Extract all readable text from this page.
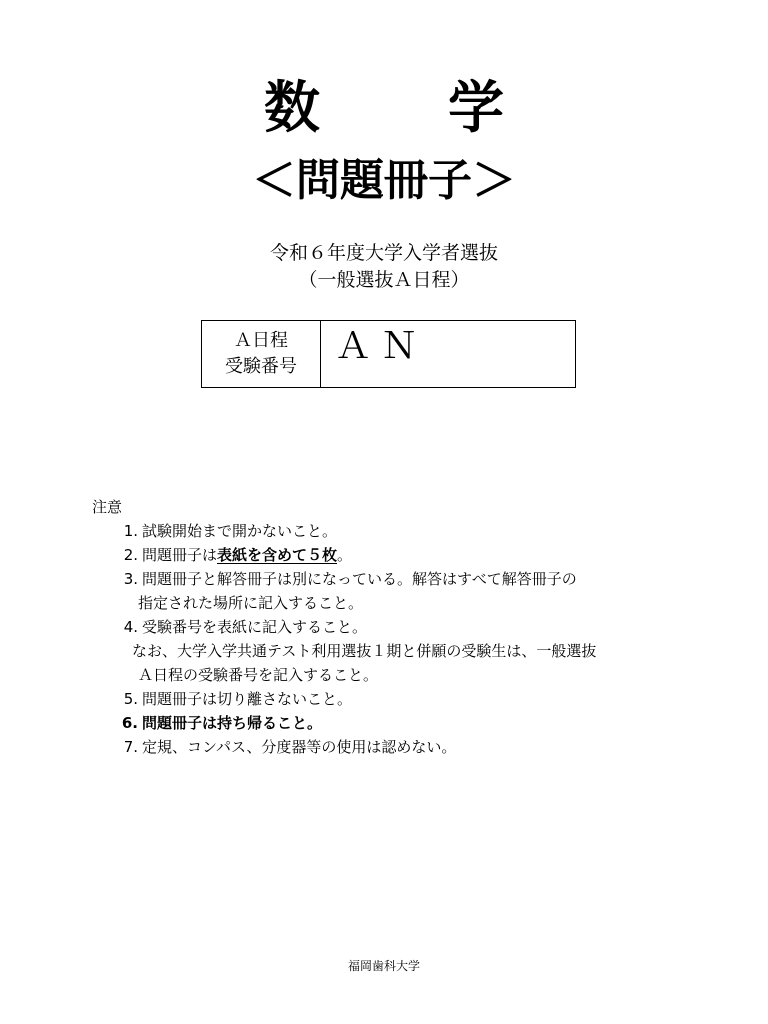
数学
＜問題冊子＞
令和６年度大学入学者選抜
（一般選抜Ａ日程）
Ａ日程
受験番号	ＡＮ
注意
1. 試験開始まで開かないこと。
2. 問題冊子は表紙を含めて５枚。
3. 問題冊子と解答冊子は別になっている。解答はすべて解答冊子の
指定された場所に記入すること。
4. 受験番号を表紙に記入すること。
なお、大学入学共通テスト利用選抜１期と併願の受験生は、一般選抜
Ａ日程の受験番号を記入すること。
5. 問題冊子は切り離さないこと。
6. 問題冊子は持ち帰ること。
7. 定規、コンパス、分度器等の使用は認めない。
福岡歯科大学
